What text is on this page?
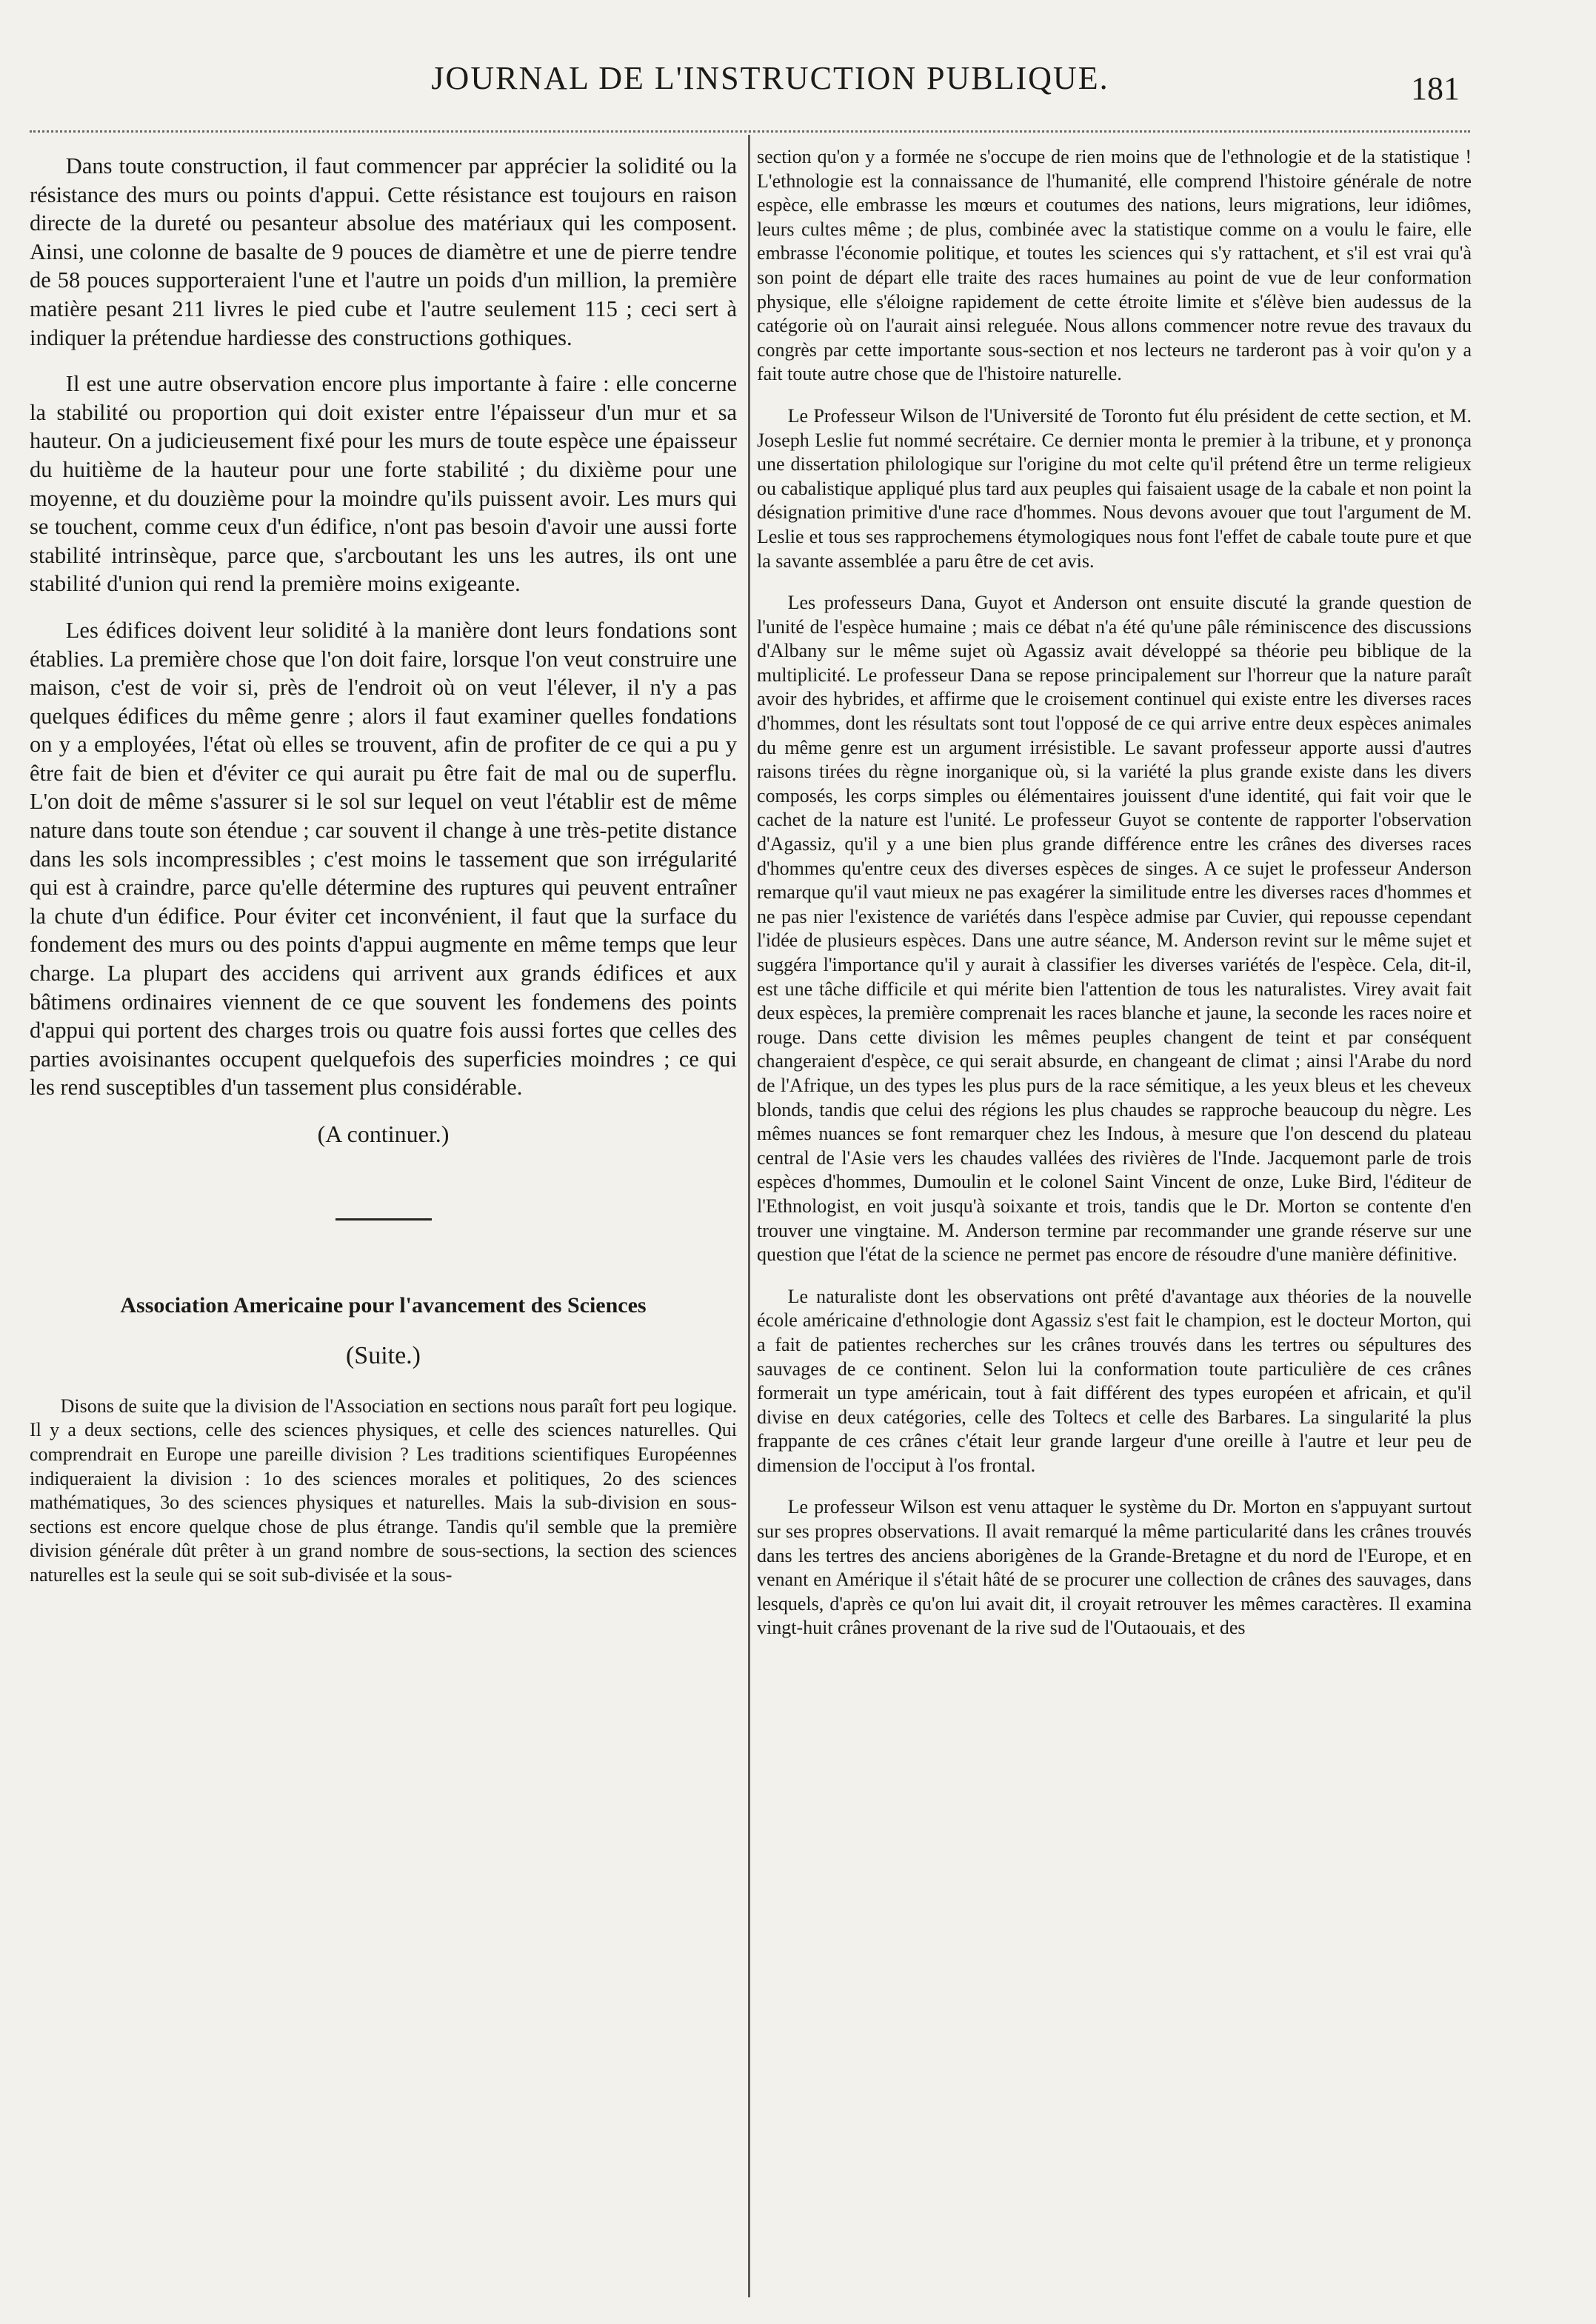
JOURNAL DE L'INSTRUCTION PUBLIQUE.	181

Dans toute construction, il faut commencer par apprécier la solidité ou la résistance des murs ou points d'appui. Cette résistance est toujours en raison directe de la dureté ou pesanteur absolue des matériaux qui les composent. Ainsi, une colonne de basalte de 9 pouces de diamètre et une de pierre tendre de 58 pouces supporteraient l'une et l'autre un poids d'un million, la première matière pesant 211 livres le pied cube et l'autre seulement 115 ; ceci sert à indiquer la prétendue hardiesse des constructions gothiques.

Il est une autre observation encore plus importante à faire : elle concerne la stabilité ou proportion qui doit exister entre l'épaisseur d'un mur et sa hauteur. On a judicieusement fixé pour les murs de toute espèce une épaisseur du huitième de la hauteur pour une forte stabilité ; du dixième pour une moyenne, et du douzième pour la moindre qu'ils puissent avoir. Les murs qui se touchent, comme ceux d'un édifice, n'ont pas besoin d'avoir une aussi forte stabilité intrinsèque, parce que, s'arcboutant les uns les autres, ils ont une stabilité d'union qui rend la première moins exigeante.

Les édifices doivent leur solidité à la manière dont leurs fondations sont établies. La première chose que l'on doit faire, lorsque l'on veut construire une maison, c'est de voir si, près de l'endroit où on veut l'élever, il n'y a pas quelques édifices du même genre ; alors il faut examiner quelles fondations on y a employées, l'état où elles se trouvent, afin de profiter de ce qui a pu y être fait de bien et d'éviter ce qui aurait pu être fait de mal ou de superflu. L'on doit de même s'assurer si le sol sur lequel on veut l'établir est de même nature dans toute son étendue ; car souvent il change à une très-petite distance dans les sols incompressibles ; c'est moins le tassement que son irrégularité qui est à craindre, parce qu'elle détermine des ruptures qui peuvent entraîner la chute d'un édifice. Pour éviter cet inconvénient, il faut que la surface du fondement des murs ou des points d'appui augmente en même temps que leur charge. La plupart des accidens qui arrivent aux grands édifices et aux bâtimens ordinaires viennent de ce que souvent les fondemens des points d'appui qui portent des charges trois ou quatre fois aussi fortes que celles des parties avoisinantes occupent quelquefois des superficies moindres ; ce qui les rend susceptibles d'un tassement plus considérable.

(A continuer.)

Association Americaine pour l'avancement des Sciences
(Suite.)

Disons de suite que la division de l'Association en sections nous paraît fort peu logique. Il y a deux sections, celle des sciences physiques, et celle des sciences naturelles. Qui comprendrait en Europe une pareille division ? Les traditions scientifiques Européennes indiqueraient la division : 1o des sciences morales et politiques, 2o des sciences mathématiques, 3o des sciences physiques et naturelles. Mais la sub-division en sous-sections est encore quelque chose de plus étrange. Tandis qu'il semble que la première division générale dût prêter à un grand nombre de sous-sections, la section des sciences naturelles est la seule qui se soit sub-divisée et la sous-

section qu'on y a formée ne s'occupe de rien moins que de l'ethnologie et de la statistique ! L'ethnologie est la connaissance de l'humanité, elle comprend l'histoire générale de notre espèce, elle embrasse les mœurs et coutumes des nations, leurs migrations, leur idiômes, leurs cultes même ; de plus, combinée avec la statistique comme on a voulu le faire, elle embrasse l'économie politique, et toutes les sciences qui s'y rattachent, et s'il est vrai qu'à son point de départ elle traite des races humaines au point de vue de leur conformation physique, elle s'éloigne rapidement de cette étroite limite et s'élève bien audessus de la catégorie où on l'aurait ainsi releguée. Nous allons commencer notre revue des travaux du congrès par cette importante sous-section et nos lecteurs ne tarderont pas à voir qu'on y a fait toute autre chose que de l'histoire naturelle.

Le Professeur Wilson de l'Université de Toronto fut élu président de cette section, et M. Joseph Leslie fut nommé secrétaire. Ce dernier monta le premier à la tribune, et y prononça une dissertation philologique sur l'origine du mot celte qu'il prétend être un terme religieux ou cabalistique appliqué plus tard aux peuples qui faisaient usage de la cabale et non point la désignation primitive d'une race d'hommes. Nous devons avouer que tout l'argument de M. Leslie et tous ses rapprochemens étymologiques nous font l'effet de cabale toute pure et que la savante assemblée a paru être de cet avis.

Les professeurs Dana, Guyot et Anderson ont ensuite discuté la grande question de l'unité de l'espèce humaine ; mais ce débat n'a été qu'une pâle réminiscence des discussions d'Albany sur le même sujet où Agassiz avait développé sa théorie peu biblique de la multiplicité. Le professeur Dana se repose principalement sur l'horreur que la nature paraît avoir des hybrides, et affirme que le croisement continuel qui existe entre les diverses races d'hommes, dont les résultats sont tout l'opposé de ce qui arrive entre deux espèces animales du même genre est un argument irrésistible. Le savant professeur apporte aussi d'autres raisons tirées du règne inorganique où, si la variété la plus grande existe dans les divers composés, les corps simples ou élémentaires jouissent d'une identité, qui fait voir que le cachet de la nature est l'unité. Le professeur Guyot se contente de rapporter l'observation d'Agassiz, qu'il y a une bien plus grande différence entre les crânes des diverses races d'hommes qu'entre ceux des diverses espèces de singes. A ce sujet le professeur Anderson remarque qu'il vaut mieux ne pas exagérer la similitude entre les diverses races d'hommes et ne pas nier l'existence de variétés dans l'espèce admise par Cuvier, qui repousse cependant l'idée de plusieurs espèces. Dans une autre séance, M. Anderson revint sur le même sujet et suggéra l'importance qu'il y aurait à classifier les diverses variétés de l'espèce. Cela, dit-il, est une tâche difficile et qui mérite bien l'attention de tous les naturalistes. Virey avait fait deux espèces, la première comprenait les races blanche et jaune, la seconde les races noire et rouge. Dans cette division les mêmes peuples changent de teint et par conséquent changeraient d'espèce, ce qui serait absurde, en changeant de climat ; ainsi l'Arabe du nord de l'Afrique, un des types les plus purs de la race sémitique, a les yeux bleus et les cheveux blonds, tandis que celui des régions les plus chaudes se rapproche beaucoup du nègre. Les mêmes nuances se font remarquer chez les Indous, à mesure que l'on descend du plateau central de l'Asie vers les chaudes vallées des rivières de l'Inde. Jacquemont parle de trois espèces d'hommes, Dumoulin et le colonel Saint Vincent de onze, Luke Bird, l'éditeur de l'Ethnologist, en voit jusqu'à soixante et trois, tandis que le Dr. Morton se contente d'en trouver une vingtaine. M. Anderson termine par recommander une grande réserve sur une question que l'état de la science ne permet pas encore de résoudre d'une manière définitive.

Le naturaliste dont les observations ont prêté d'avantage aux théories de la nouvelle école américaine d'ethnologie dont Agassiz s'est fait le champion, est le docteur Morton, qui a fait de patientes recherches sur les crânes trouvés dans les tertres ou sépultures des sauvages de ce continent. Selon lui la conformation toute particulière de ces crânes formerait un type américain, tout à fait différent des types européen et africain, et qu'il divise en deux catégories, celle des Toltecs et celle des Barbares. La singularité la plus frappante de ces crânes c'était leur grande largeur d'une oreille à l'autre et leur peu de dimension de l'occiput à l'os frontal.

Le professeur Wilson est venu attaquer le système du Dr. Morton en s'appuyant surtout sur ses propres observations. Il avait remarqué la même particularité dans les crânes trouvés dans les tertres des anciens aborigènes de la Grande-Bretagne et du nord de l'Europe, et en venant en Amérique il s'était hâté de se procurer une collection de crânes des sauvages, dans lesquels, d'après ce qu'on lui avait dit, il croyait retrouver les mêmes caractères. Il examina vingt-huit crânes provenant de la rive sud de l'Outaouais, et des
